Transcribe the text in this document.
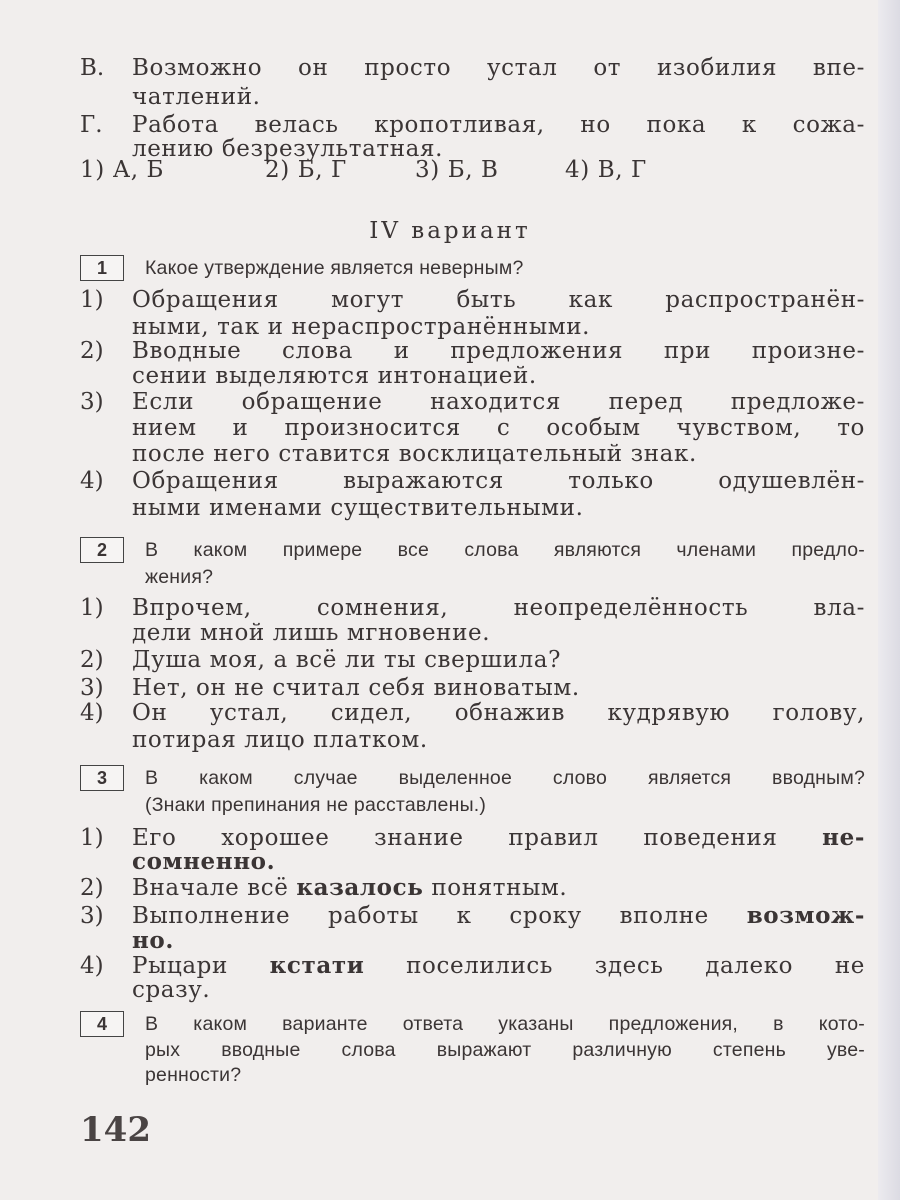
IV вариант
142
В. Возможно он просто устал от изобилия впе-
чатлений.
Г. Работа велась кропотливая, но пока к сожа-
лению безрезультатная.
1) А, Б	2) Б, Г	3) Б, В	4) В, Г
1	Какое утверждение является неверным?
1) Обращения могут быть как распространён-
ными, так и нераспространёнными.
2) Вводные слова и предложения при произне-
сении выделяются интонацией.
3) Если обращение находится перед предложе-
нием и произносится с особым чувством, то
после него ставится восклицательный знак.
4) Обращения выражаются только одушевлён-
ными именами существительными.
2	В каком примере все слова являются членами предло-
жения?
1) Впрочем, сомнения, неопределённость вла-
дели мной лишь мгновение.
2) Душа моя, а всё ли ты свершила?
3) Нет, он не считал себя виноватым.
4) Он устал, сидел, обнажив кудрявую голову,
потирая лицо платком.
3	В каком случае выделенное слово является вводным?
(Знаки препинания не расставлены.)
1) Его хорошее знание правил поведения не-
сомненно.
2) Вначале всё казалось понятным.
3) Выполнение работы к сроку вполне возмож-
но.
4) Рыцари кстати поселились здесь далеко не
сразу.
4	В каком варианте ответа указаны предложения, в кото-
рых вводные слова выражают различную степень уве-
ренности?
